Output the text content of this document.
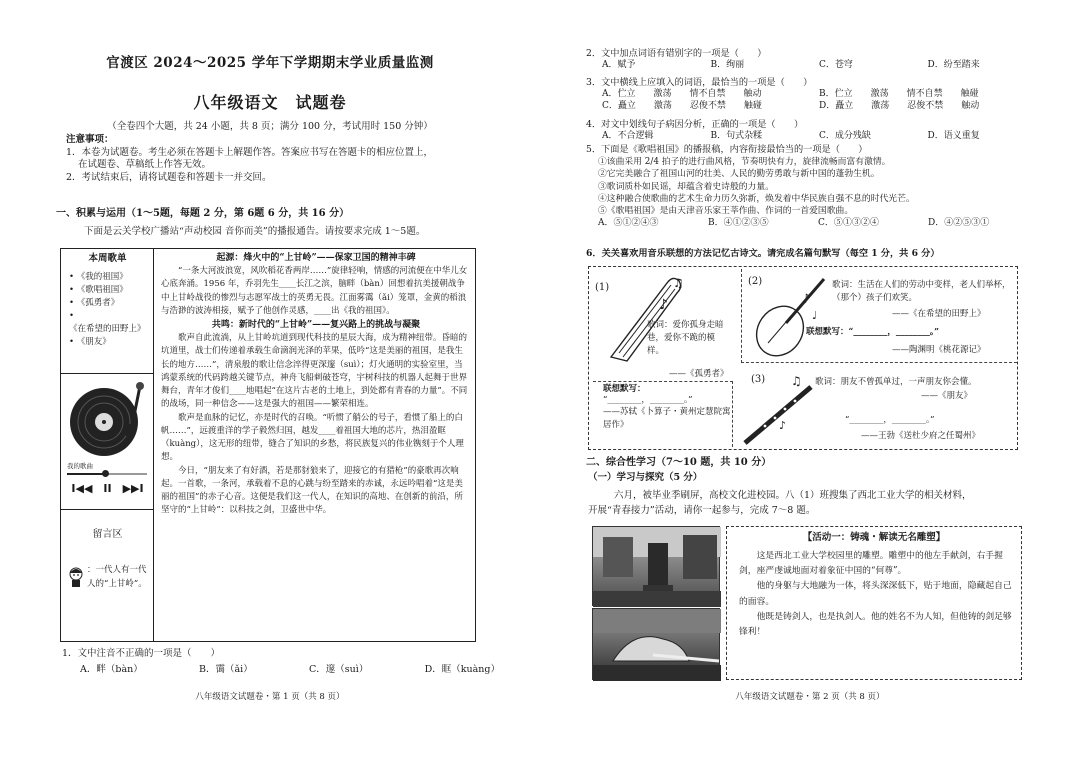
官渡区 2024～2025 学年下学期期末学业质量监测
八年级语文　试题卷
（全卷四个大题，共 24 小题，共 8 页；满分 100 分，考试用时 150 分钟）
注意事项：
1．本卷为试题卷。考生必须在答题卡上解题作答。答案应书写在答题卡的相应位置上，
在试题卷、草稿纸上作答无效。
2．考试结束后，请将试题卷和答题卡一并交回。
一、积累与运用（1～5题，每题 2 分，第 6题 6 分，共 16 分）
下面是云关学校广播站“声动校园 音你而美”的播报通告。请按要求完成 1～5题。
本周歌单
• 《我的祖国》
• 《歌唱祖国》
• 《孤勇者》
• 《在希望的田野上》
• 《朋友》
我的歌曲
I◀◀　II　▶▶I
留言区
：一代人有一代人的“上甘岭”。

起源：烽火中的“上甘岭”——保家卫国的精神丰碑

“一条大河波浪宽，风吹稻花香两岸……”旋律轻响，情感的河流便在中华儿女心底奔涌。1956 年，乔羽先生____长江之滨，脑畔（bàn）回想着抗美援朝战争中上甘岭战役的惨烈与志愿军战士的英勇无畏。江面雾霭（ǎi）笼罩，金黄的稻浪与浩渺的波涛相接，赋予了他创作灵感，____出《我的祖国》。

共鸣：新时代的“上甘岭”——复兴路上的挑战与凝聚

歌声自此流淌，从上甘岭坑道到现代科技的星辰大海，成为精神纽带。昏暗的坑道里，战士们传递着承载生命滴润光泽的苹果，低吟“这是美丽的祖国，是我生长的地方……”，清泉般的歌让信念淬得更深邃（suì）；灯火通明的实验室里，当鸿蒙系统的代码跨越关键节点，神舟飞船刺破苍穹，宇树科技的机器人起舞于世界舞台，青年才俊们____地唱起“在这片古老的土地上，到处都有青春的力量”。不同的战场，同一种信念——这是强大的祖国——繁荣相连。

歌声是血脉的记忆，亦是时代的召唤。“听惯了艄公的号子，看惯了船上的白帆……”，远渡重洋的学子毅然归国，越发____着祖国大地的芯片，热泪盈眶（kuàng），这无形的纽带，缝合了知识的乡愁，将民族复兴的伟业镌刻于个人理想。

今日，“朋友来了有好酒，若是那豺狼来了，迎接它的有猎枪”的豪歌再次响起。一首歌，一条河，承载着不息的心跳与纷至踏来的赤诚，永远吟唱着“这是美丽的祖国”的赤子心音。这便是我们这一代人，在知识的高地、在创新的前沿，所坚守的“上甘岭”：以科技之剑，卫盛世中华。

1．文中注音不正确的一项是（　　）
A．畔（bàn）	B．霭（ǎi）	C．邃（suì）	D．眶（kuàng）
八年级语文试题卷・第 1 页（共 8 页）
2．文中加点词语有错别字的一项是（　　）
A．赋予	B．绚丽	C．苍穹	D．纷至踏来
3．文中横线上应填入的词语，最恰当的一项是（　　）
A．伫立　　激荡　　情不自禁　　触动	B．伫立　　激荡　　情不自禁　　触碰
C．矗立　　激荡　　忍俊不禁　　触碰	D．矗立　　激荡　　忍俊不禁　　触动
4．对文中划线句子病因分析，正确的一项是（　　）
A．不合逻辑	B．句式杂糅	C．成分残缺	D．语义重复
5．下面是《歌唱祖国》的播报稿，内容衔接最恰当的一项是（　　）
①该曲采用 2/4 拍子的进行曲风格，节奏明快有力，旋律流畅而富有激情。
②它完美融合了祖国山河的壮美、人民的勤劳勇敢与新中国的蓬勃生机。
③歌词质朴如民谣，却蕴含着史诗般的力量。
④这种融合使歌曲的艺术生命力历久弥新，焕发着中华民族自强不息的时代光芒。
⑤《歌唱祖国》是由天津音乐家王莘作曲、作词的一首爱国歌曲。
A．⑤①②④③	B．④①②③⑤	C．⑤①③②④	D．④②⑤③①
6．关关喜欢用音乐联想的方法记忆古诗文。请完成名篇句默写（每空 1 分，共 6 分）
(1)
♪
♫
歌词：爱你孤身走暗巷，爱你不跪的模样。
——《孤勇者》
联想默写：
“________，________。”
——苏轼《卜算子・黄州定慧院寓居作》
(2)
♪
♩
歌词：生活在人们的劳动中变样，老人们举杯，（那个）孩子们欢笑。
——《在希望的田野上》
联想默写：“________，________。”
——陶渊明《桃花源记》
(3) ♫
♪
歌词：朋友不曾孤单过，一声朋友你会懂。
——《朋友》
“________，________。”
——王勃《送杜少府之任蜀州》
二、综合性学习（7～10 题，共 10 分）
（一）学习与探究（5 分）
六月，被毕业季刷屏，高校文化进校园。八（1）班搜集了西北工业大学的相关材料，
开展“青春接力”活动，请你一起参与，完成 7～8 题。
【活动一：铸魂・解读无名雕塑】

这是西北工业大学校园里的雕塑。雕塑中的他左手献剑，右手握剑，座严虔诚地面对着象征中国的“何尊”。

他的身躯与大地融为一体，将头深深低下，贴于地面，隐藏起自己的面容。

他既是铸剑人，也是执剑人。他的姓名不为人知，但他铸的剑足够锋利！

八年级语文试题卷・第 2 页（共 8 页）
